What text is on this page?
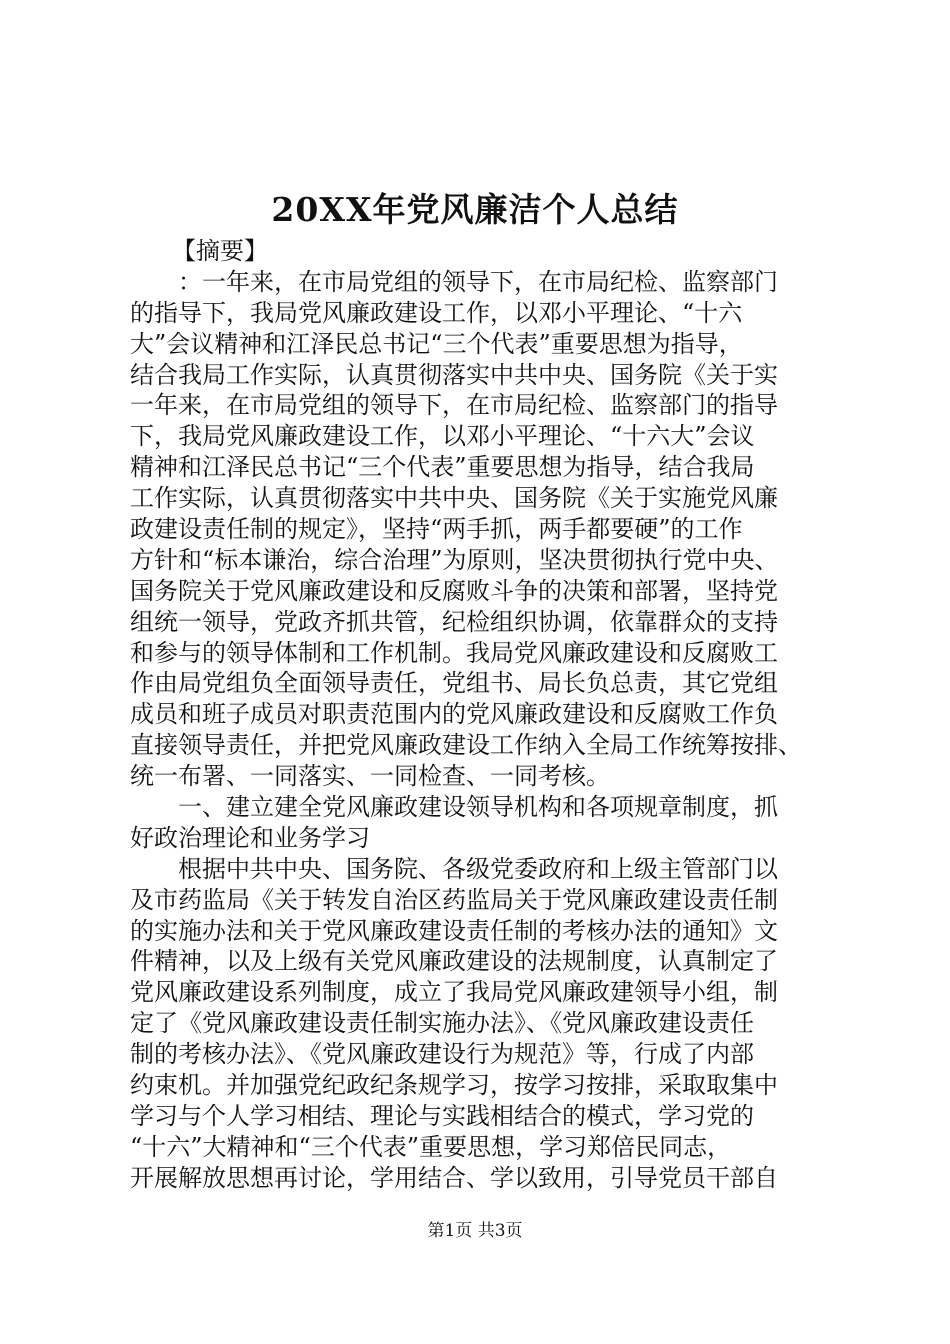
20XX年党风廉洁个人总结
【摘要】
：一年来，在市局党组的领导下，在市局纪检、监察部门
的指导下，我局党风廉政建设工作，以邓小平理论、“十六
大”会议精神和江泽民总书记“三个代表”重要思想为指导，
结合我局工作实际，认真贯彻落实中共中央、国务院《关于实
一年来，在市局党组的领导下，在市局纪检、监察部门的指导
下，我局党风廉政建设工作，以邓小平理论、“十六大”会议
精神和江泽民总书记“三个代表”重要思想为指导，结合我局
工作实际，认真贯彻落实中共中央、国务院《关于实施党风廉
政建设责任制的规定》，坚持“两手抓，两手都要硬”的工作
方针和“标本谦治，综合治理”为原则，坚决贯彻执行党中央、
国务院关于党风廉政建设和反腐败斗争的决策和部署，坚持党
组统一领导，党政齐抓共管，纪检组织协调，依靠群众的支持
和参与的领导体制和工作机制。我局党风廉政建设和反腐败工
作由局党组负全面领导责任，党组书、局长负总责，其它党组
成员和班子成员对职责范围内的党风廉政建设和反腐败工作负
直接领导责任，并把党风廉政建设工作纳入全局工作统筹按排、
统一布署、一同落实、一同检查、一同考核。
一、建立建全党风廉政建设领导机构和各项规章制度，抓
好政治理论和业务学习
根据中共中央、国务院、各级党委政府和上级主管部门以
及市药监局《关于转发自治区药监局关于党风廉政建设责任制
的实施办法和关于党风廉政建设责任制的考核办法的通知》文
件精神，以及上级有关党风廉政建设的法规制度，认真制定了
党风廉政建设系列制度，成立了我局党风廉政建领导小组，制
定了《党风廉政建设责任制实施办法》、《党风廉政建设责任
制的考核办法》、《党风廉政建设行为规范》等，行成了内部
约束机。并加强党纪政纪条规学习，按学习按排，采取取集中
学习与个人学习相结、理论与实践相结合的模式，学习党的
“十六”大精神和“三个代表”重要思想，学习郑倍民同志，
开展解放思想再讨论，学用结合、学以致用，引导党员干部自
第1页 共3页
